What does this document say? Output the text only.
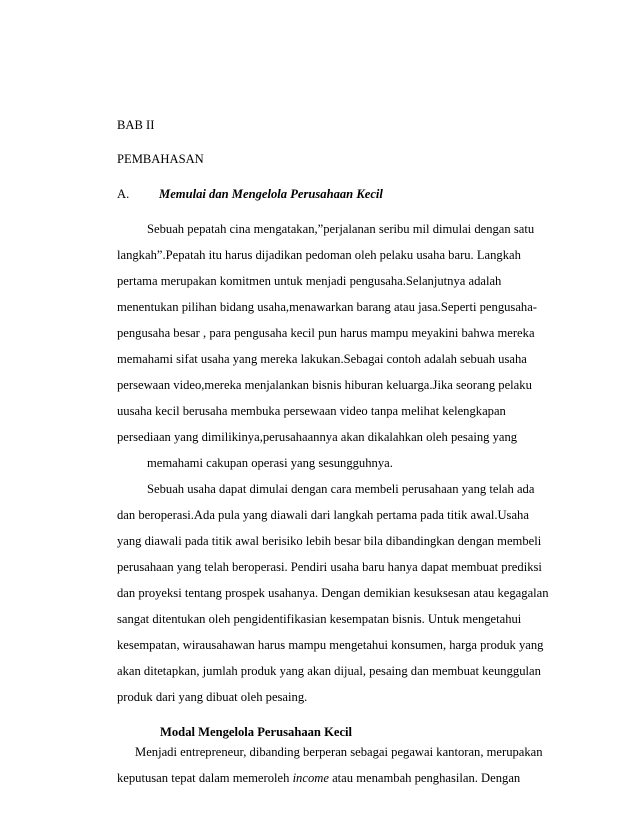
BAB II
PEMBAHASAN
A. Memulai dan Mengelola Perusahaan Kecil
Sebuah pepatah cina mengatakan,”perjalanan seribu mil dimulai dengan satu
langkah”.Pepatah itu harus dijadikan pedoman oleh pelaku usaha baru. Langkah
pertama merupakan komitmen untuk menjadi pengusaha.Selanjutnya adalah
menentukan pilihan bidang usaha,menawarkan barang atau jasa.Seperti pengusaha-
pengusaha besar , para pengusaha kecil pun harus mampu meyakini bahwa mereka
memahami sifat usaha yang mereka lakukan.Sebagai contoh adalah sebuah usaha
persewaan video,mereka menjalankan bisnis hiburan keluarga.Jika seorang pelaku
uusaha kecil berusaha membuka persewaan video tanpa melihat kelengkapan
persediaan yang dimilikinya,perusahaannya akan dikalahkan oleh pesaing yang
memahami cakupan operasi yang sesungguhnya.
Sebuah usaha dapat dimulai dengan cara membeli perusahaan yang telah ada
dan beroperasi.Ada pula yang diawali dari langkah pertama pada titik awal.Usaha
yang diawali pada titik awal berisiko lebih besar bila dibandingkan dengan membeli
perusahaan yang telah beroperasi. Pendiri usaha baru hanya dapat membuat prediksi
dan proyeksi tentang prospek usahanya. Dengan demikian kesuksesan atau kegagalan
sangat ditentukan oleh pengidentifikasian kesempatan bisnis. Untuk mengetahui
kesempatan, wirausahawan harus mampu mengetahui konsumen, harga produk yang
akan ditetapkan, jumlah produk yang akan dijual, pesaing dan membuat keunggulan
produk dari yang dibuat oleh pesaing.
Modal Mengelola Perusahaan Kecil
Menjadi entrepreneur, dibanding berperan sebagai pegawai kantoran, merupakan
keputusan tepat dalam memeroleh income atau menambah penghasilan. Dengan
